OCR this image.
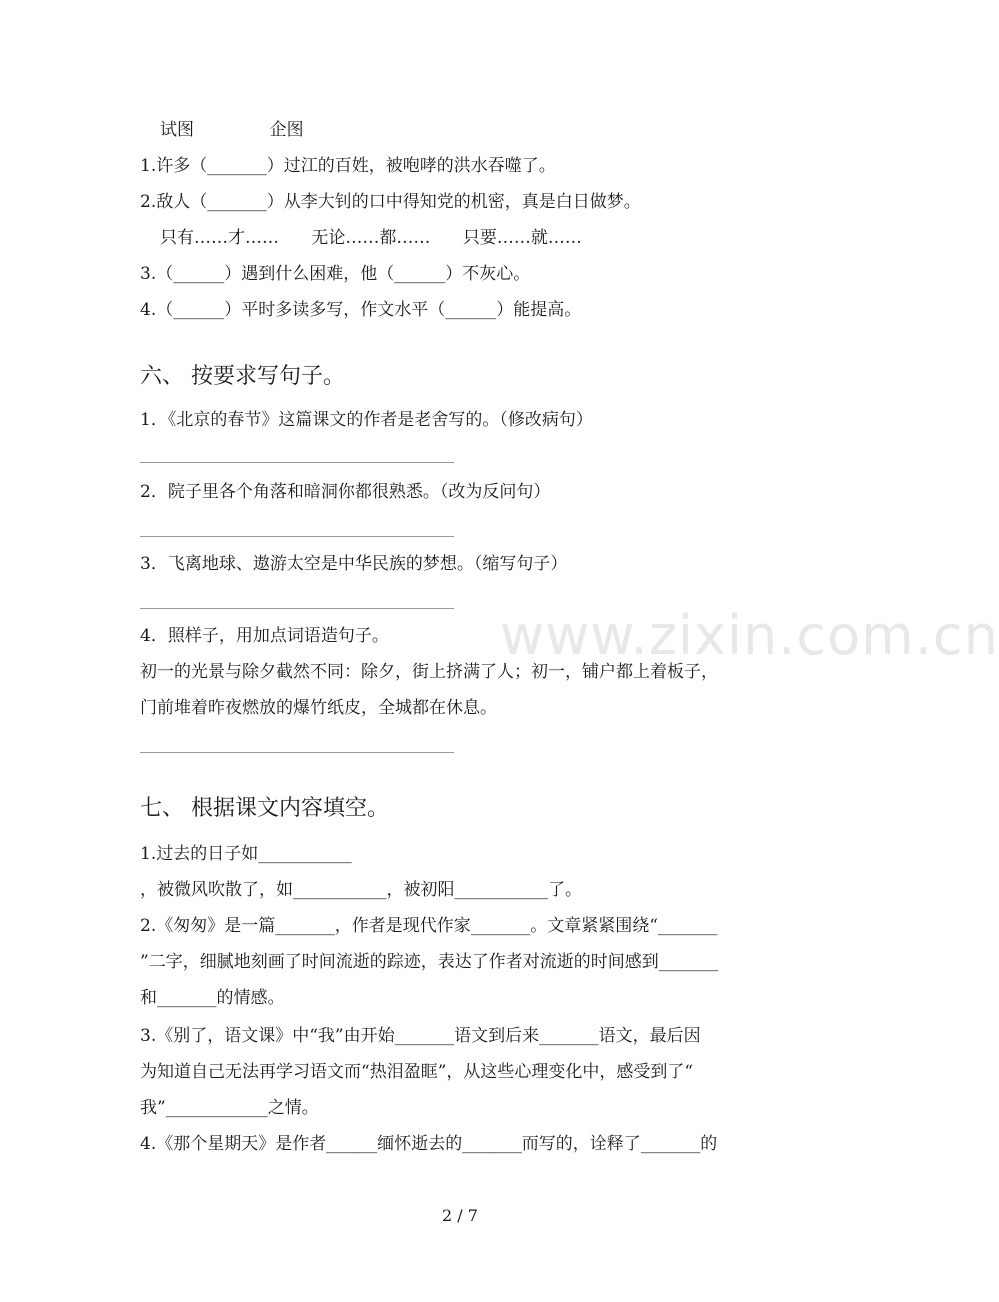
www.zixin.com.cn
试图              企图
1.许多（_______）过江的百姓，被咆哮的洪水吞噬了。
2.敌人（_______）从李大钊的口中得知党的机密，真是白日做梦。
只有……才……      无论……都……      只要……就……
3.（______）遇到什么困难，他（______）不灰心。
4.（______）平时多读多写，作文水平（______）能提高。
六、 按要求写句子。
1．《北京的春节》这篇课文的作者是老舍写的。（修改病句）
2．院子里各个角落和暗洞你都很熟悉。（改为反问句）
3．飞离地球、遨游太空是中华民族的梦想。（缩写句子）
4．照样子，用加点词语造句子。
初一的光景与除夕截然不同：除夕，街上挤满了人；初一，铺户都上着板子，
门前堆着昨夜燃放的爆竹纸皮，全城都在休息。
七、 根据课文内容填空。
1.过去的日子如___________
，被微风吹散了，如___________，被初阳___________了。
2.《匆匆》是一篇_______，作者是现代作家_______。文章紧紧围绕“_______
”二字，细腻地刻画了时间流逝的踪迹，表达了作者对流逝的时间感到_______
和_______的情感。
3.《别了，语文课》中“我”由开始_______语文到后来_______语文，最后因
为知道自己无法再学习语文而“热泪盈眶”，从这些心理变化中，感受到了“
我”____________之情。
4.《那个星期天》是作者______缅怀逝去的_______而写的，诠释了_______的
2 / 7
